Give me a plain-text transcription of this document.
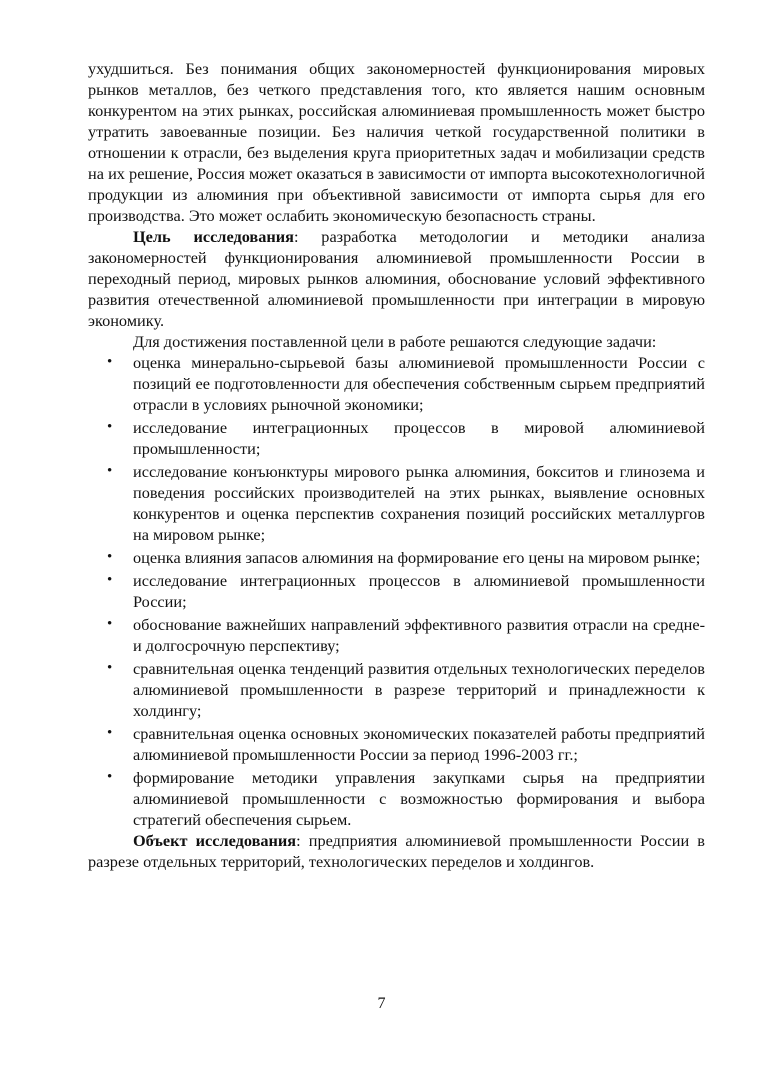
ухудшиться. Без понимания общих закономерностей функционирования мировых рынков металлов, без четкого представления того, кто является нашим основным конкурентом на этих рынках, российская алюминиевая промышленность может быстро утратить завоеванные позиции. Без наличия четкой государственной политики в отношении к отрасли, без выделения круга приоритетных задач и мобилизации средств на их решение, Россия может оказаться в зависимости от импорта высокотехнологичной продукции из алюминия при объективной зависимости от импорта сырья для его производства. Это может ослабить экономическую безопасность страны.

Цель исследования: разработка методологии и методики анализа закономерностей функционирования алюминиевой промышленности России в переходный период, мировых рынков алюминия, обоснование условий эффективного развития отечественной алюминиевой промышленности при интеграции в мировую экономику.

Для достижения поставленной цели в работе решаются следующие задачи:

• оценка минерально-сырьевой базы алюминиевой промышленности России с позиций ее подготовленности для обеспечения собственным сырьем предприятий отрасли в условиях рыночной экономики;
• исследование интеграционных процессов в мировой алюминиевой промышленности;
• исследование конъюнктуры мирового рынка алюминия, бокситов и глинозема и поведения российских производителей на этих рынках, выявление основных конкурентов и оценка перспектив сохранения позиций российских металлургов на мировом рынке;
• оценка влияния запасов алюминия на формирование его цены на мировом рынке;
• исследование интеграционных процессов в алюминиевой промышленности России;
• обоснование важнейших направлений эффективного развития отрасли на средне- и долгосрочную перспективу;
• сравнительная оценка тенденций развития отдельных технологических переделов алюминиевой промышленности в разрезе территорий и принадлежности к холдингу;
• сравнительная оценка основных экономических показателей работы предприятий алюминиевой промышленности России за период 1996-2003 гг.;
• формирование методики управления закупками сырья на предприятии алюминиевой промышленности с возможностью формирования и выбора стратегий обеспечения сырьем.

Объект исследования: предприятия алюминиевой промышленности России в разрезе отдельных территорий, технологических переделов и холдингов.

7
